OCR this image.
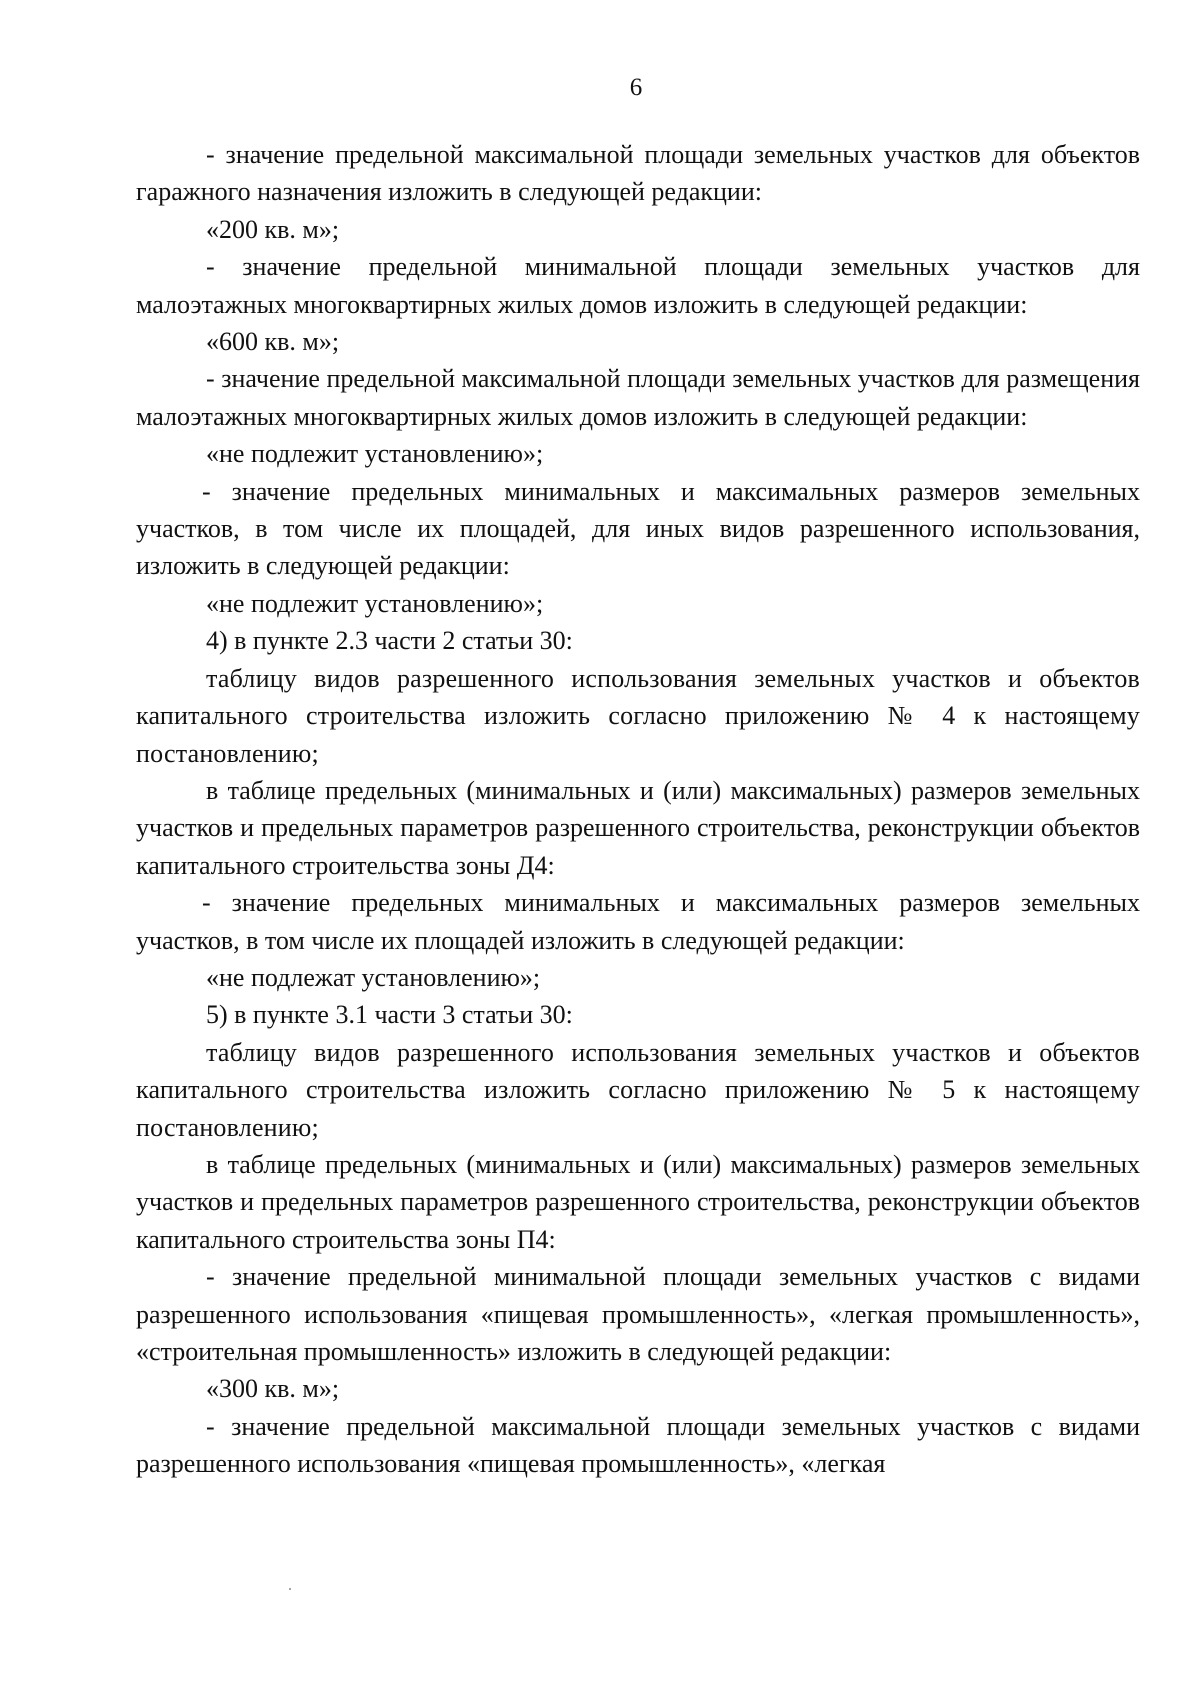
6

- значение предельной максимальной площади земельных участков для объектов гаражного назначения изложить в следующей редакции:

«200 кв. м»;

- значение предельной минимальной площади земельных участков для малоэтажных многоквартирных жилых домов изложить в следующей редакции:

«600 кв. м»;

- значение предельной максимальной площади земельных участков для размещения малоэтажных многоквартирных жилых домов изложить в следующей редакции:

«не подлежит установлению»;

- значение предельных минимальных и максимальных размеров земельных участков, в том числе их площадей, для иных видов разрешенного использования, изложить в следующей редакции:

«не подлежит установлению»;

4) в пункте 2.3 части 2 статьи 30:

таблицу видов разрешенного использования земельных участков и объектов капитального строительства изложить согласно приложению № 4 к настоящему постановлению;

в таблице предельных (минимальных и (или) максимальных) размеров земельных участков и предельных параметров разрешенного строительства, реконструкции объектов капитального строительства зоны Д4:

- значение предельных минимальных и максимальных размеров земельных участков, в том числе их площадей изложить в следующей редакции:

«не подлежат установлению»;

5) в пункте 3.1 части 3 статьи 30:

таблицу видов разрешенного использования земельных участков и объектов капитального строительства изложить согласно приложению № 5 к настоящему постановлению;

в таблице предельных (минимальных и (или) максимальных) размеров земельных участков и предельных параметров разрешенного строительства, реконструкции объектов капитального строительства зоны П4:

- значение предельной минимальной площади земельных участков с видами разрешенного использования «пищевая промышленность», «легкая промышленность», «строительная промышленность» изложить в следующей редакции:

«300 кв. м»;

- значение предельной максимальной площади земельных участков с видами разрешенного использования «пищевая промышленность», «легкая
